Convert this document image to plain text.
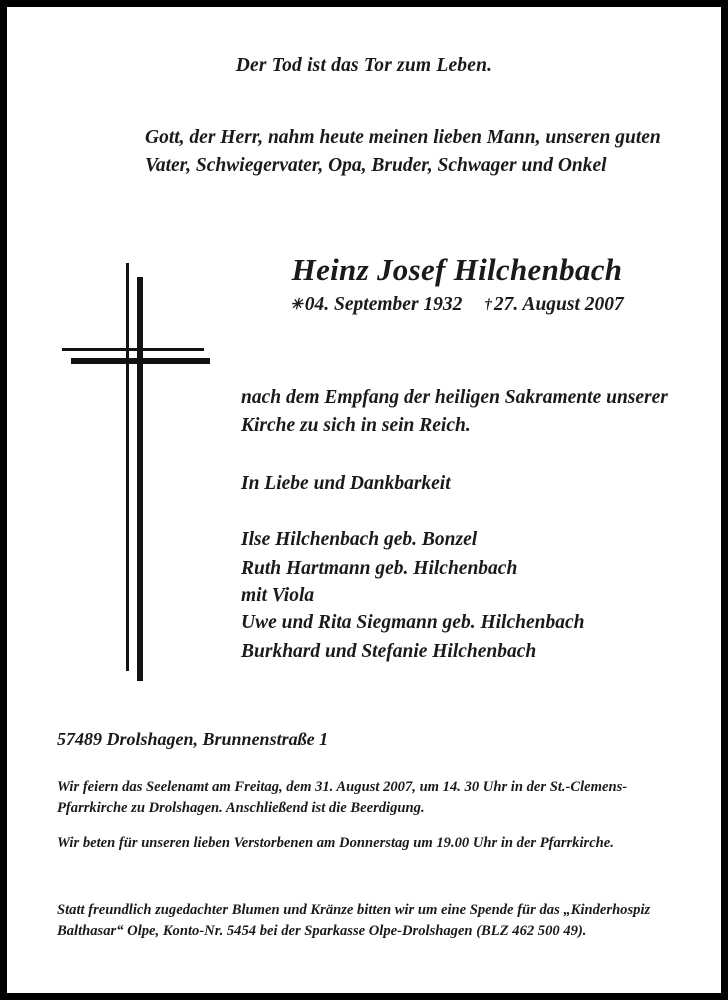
Der Tod ist das Tor zum Leben.
Gott, der Herr, nahm heute meinen lieben Mann, unseren guten Vater, Schwiegervater, Opa, Bruder, Schwager und Onkel
Heinz Josef Hilchenbach
✳ 04. September 1932 † 27. August 2007
nach dem Empfang der heiligen Sakramente unserer Kirche zu sich in sein Reich.
In Liebe und Dankbarkeit
Ilse Hilchenbach geb. Bonzel
Ruth Hartmann geb. Hilchenbach
mit Viola
Uwe und Rita Siegmann geb. Hilchenbach
Burkhard und Stefanie Hilchenbach
57489 Drolshagen, Brunnenstraße 1
Wir feiern das Seelenamt am Freitag, dem 31. August 2007, um 14. 30 Uhr in der St.-Clemens-Pfarrkirche zu Drolshagen. Anschließend ist die Beerdigung.
Wir beten für unseren lieben Verstorbenen am Donnerstag um 19.00 Uhr in der Pfarrkirche.
Statt freundlich zugedachter Blumen und Kränze bitten wir um eine Spende für das „Kinderhospiz Balthasar“ Olpe, Konto-Nr. 5454 bei der Sparkasse Olpe-Drolshagen (BLZ 462 500 49).
